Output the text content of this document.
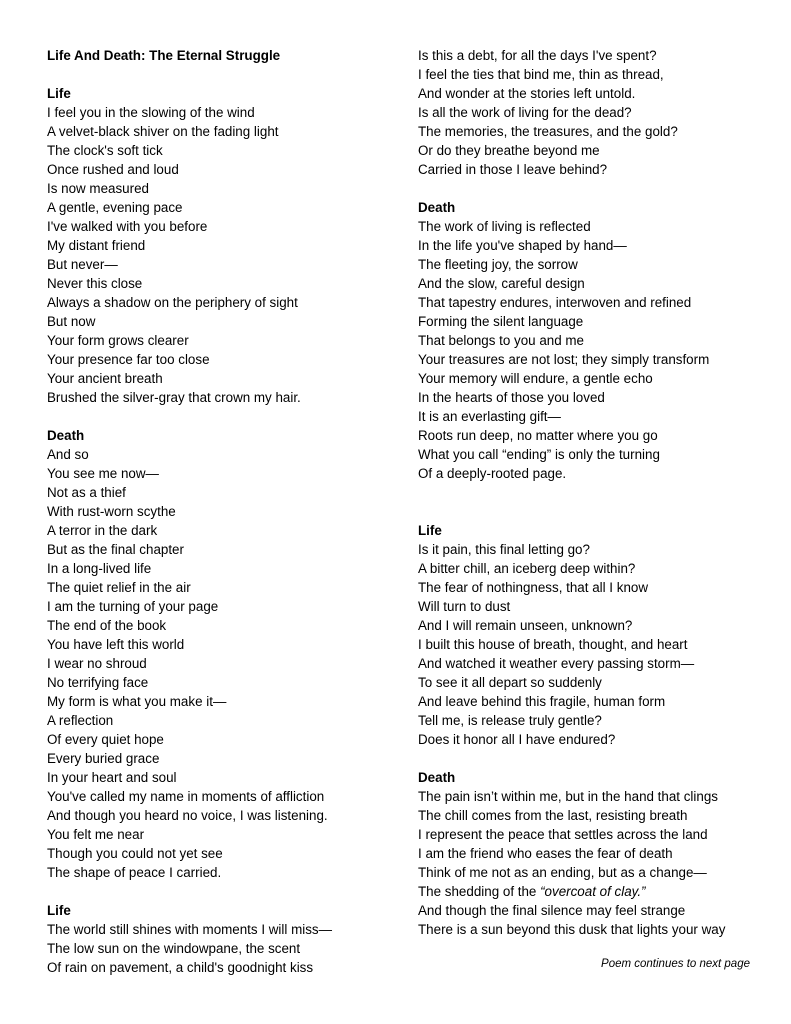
Life And Death: The Eternal Struggle
Life
I feel you in the slowing of the wind
A velvet-black shiver on the fading light
The clock's soft tick
Once rushed and loud
Is now measured
A gentle, evening pace
I've walked with you before
My distant friend
But never—
Never this close
Always a shadow on the periphery of sight
But now
Your form grows clearer
Your presence far too close
Your ancient breath
Brushed the silver-gray that crown my hair.
Death
And so
You see me now—
Not as a thief
With rust-worn scythe
A terror in the dark
But as the final chapter
In a long-lived life
The quiet relief in the air
I am the turning of your page
The end of the book
You have left this world
I wear no shroud
No terrifying face
My form is what you make it—
A reflection
Of every quiet hope
Every buried grace
In your heart and soul
You've called my name in moments of affliction
And though you heard no voice, I was listening.
You felt me near
Though you could not yet see
The shape of peace I carried.
Life
The world still shines with moments I will miss—
The low sun on the windowpane, the scent
Of rain on pavement, a child's goodnight kiss
Is this a debt, for all the days I've spent?
I feel the ties that bind me, thin as thread,
And wonder at the stories left untold.
Is all the work of living for the dead?
The memories, the treasures, and the gold?
Or do they breathe beyond me
Carried in those I leave behind?
Death
The work of living is reflected
In the life you've shaped by hand—
The fleeting joy, the sorrow
And the slow, careful design
That tapestry endures, interwoven and refined
Forming the silent language
That belongs to you and me
Your treasures are not lost; they simply transform
Your memory will endure, a gentle echo
In the hearts of those you loved
It is an everlasting gift—
Roots run deep, no matter where you go
What you call “ending” is only the turning
Of a deeply-rooted page.
Life
Is it pain, this final letting go?
A bitter chill, an iceberg deep within?
The fear of nothingness, that all I know
Will turn to dust
And I will remain unseen, unknown?
I built this house of breath, thought, and heart
And watched it weather every passing storm—
To see it all depart so suddenly
And leave behind this fragile, human form
Tell me, is release truly gentle?
Does it honor all I have endured?
Death
The pain isn’t within me, but in the hand that clings
The chill comes from the last, resisting breath
I represent the peace that settles across the land
I am the friend who eases the fear of death
Think of me not as an ending, but as a change—
The shedding of the “overcoat of clay.”
And though the final silence may feel strange
There is a sun beyond this dusk that lights your way
Poem continues to next page
